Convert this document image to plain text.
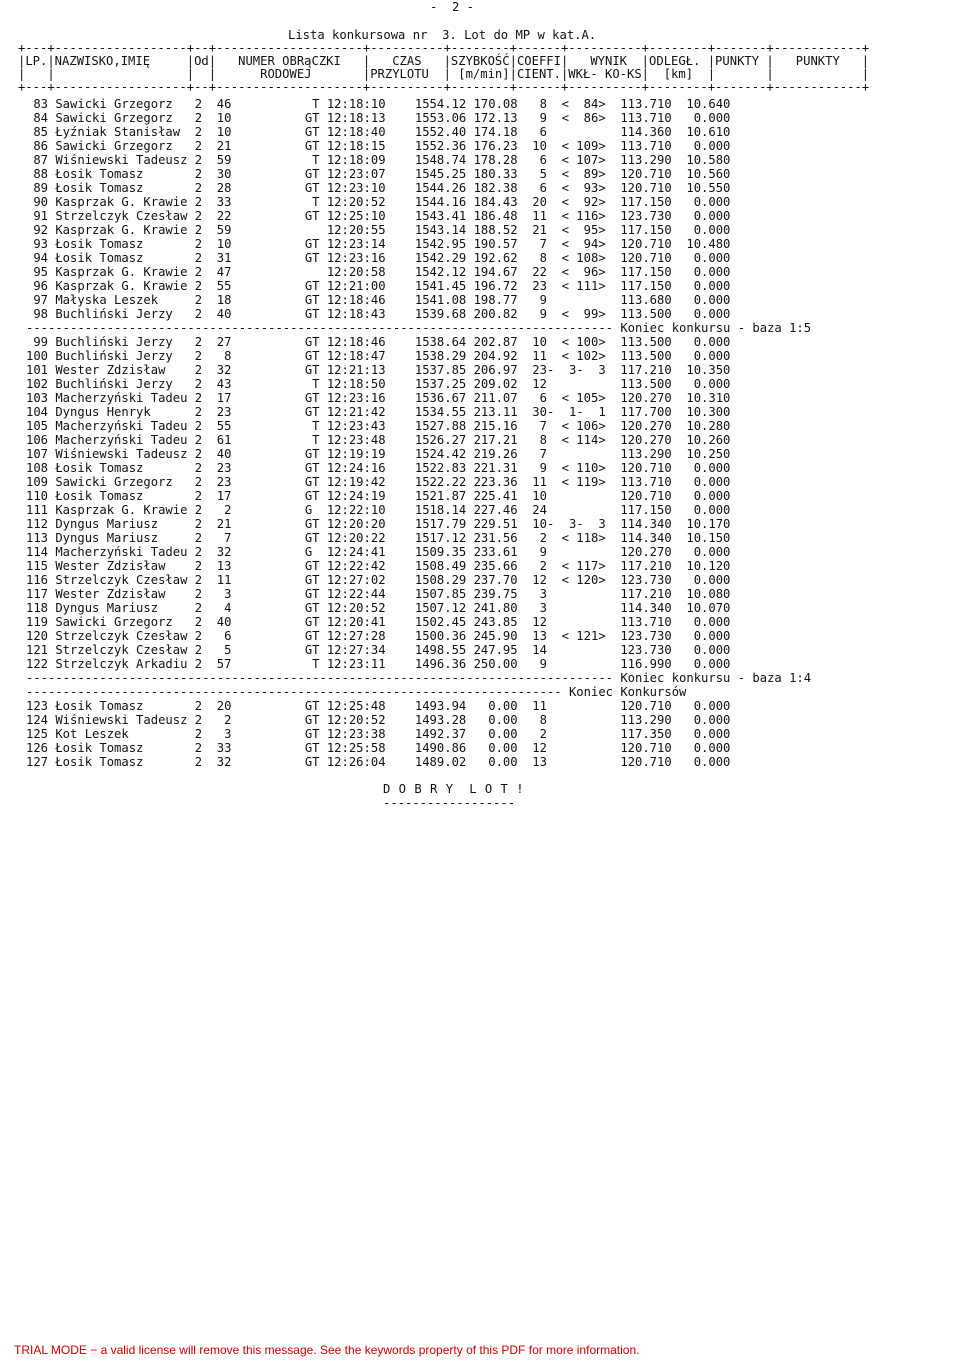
-  2 -
Lista konkursowa nr  3. Lot do MP w kat.A.
+---+------------------+--+--------------------+----------+--------+------+----------+--------+-------+------------+
|LP.|NAZWISKO,IMIĘ     |Od|   NUMER OBRąCZKI   |   CZAS   |SZYBKOŚĆ|COEFFI|   WYNIK  |ODLEGŁ. |PUNKTY |   PUNKTY   |
|   |                  |  |      RODOWEJ       |PRZYLOTU  | [m/min]|CIENT.|WKŁ- KO-KS|  [km]  |       |            |
+---+------------------+--+--------------------+----------+--------+------+----------+--------+-------+------------+
83 Sawicki Grzegorz   2  46           T 12:18:10    1554.12 170.08   8  <  84>  113.710  10.640
84 Sawicki Grzegorz   2  10          GT 12:18:13    1553.06 172.13   9  <  86>  113.710   0.000
85 Łyźniak Stanisław  2  10          GT 12:18:40    1552.40 174.18   6          114.360  10.610
86 Sawicki Grzegorz   2  21          GT 12:18:15    1552.36 176.23  10  < 109>  113.710   0.000
87 Wiśniewski Tadeusz 2  59           T 12:18:09    1548.74 178.28   6  < 107>  113.290  10.580
88 Łosik Tomasz       2  30          GT 12:23:07    1545.25 180.33   5  <  89>  120.710  10.560
89 Łosik Tomasz       2  28          GT 12:23:10    1544.26 182.38   6  <  93>  120.710  10.550
90 Kasprzak G. Krawie 2  33           T 12:20:52    1544.16 184.43  20  <  92>  117.150   0.000
91 Strzelczyk Czesław 2  22          GT 12:25:10    1543.41 186.48  11  < 116>  123.730   0.000
92 Kasprzak G. Krawie 2  59             12:20:55    1543.14 188.52  21  <  95>  117.150   0.000
93 Łosik Tomasz       2  10          GT 12:23:14    1542.95 190.57   7  <  94>  120.710  10.480
94 Łosik Tomasz       2  31          GT 12:23:16    1542.29 192.62   8  < 108>  120.710   0.000
95 Kasprzak G. Krawie 2  47             12:20:58    1542.12 194.67  22  <  96>  117.150   0.000
96 Kasprzak G. Krawie 2  55          GT 12:21:00    1541.45 196.72  23  < 111>  117.150   0.000
97 Małyska Leszek     2  18          GT 12:18:46    1541.08 198.77   9          113.680   0.000
98 Buchliński Jerzy   2  40          GT 12:18:43    1539.68 200.82   9  <  99>  113.500   0.000
-------------------------------------------------------------------------------- Koniec konkursu - baza 1:5
99 Buchliński Jerzy   2  27          GT 12:18:46    1538.64 202.87  10  < 100>  113.500   0.000
100 Buchliński Jerzy   2   8          GT 12:18:47    1538.29 204.92  11  < 102>  113.500   0.000
101 Wester Zdzisław    2  32          GT 12:21:13    1537.85 206.97  23-  3-  3  117.210  10.350
102 Buchliński Jerzy   2  43           T 12:18:50    1537.25 209.02  12          113.500   0.000
103 Macherzyński Tadeu 2  17          GT 12:23:16    1536.67 211.07   6  < 105>  120.270  10.310
104 Dyngus Henryk      2  23          GT 12:21:42    1534.55 213.11  30-  1-  1  117.700  10.300
105 Macherzyński Tadeu 2  55           T 12:23:43    1527.88 215.16   7  < 106>  120.270  10.280
106 Macherzyński Tadeu 2  61           T 12:23:48    1526.27 217.21   8  < 114>  120.270  10.260
107 Wiśniewski Tadeusz 2  40          GT 12:19:19    1524.42 219.26   7          113.290  10.250
108 Łosik Tomasz       2  23          GT 12:24:16    1522.83 221.31   9  < 110>  120.710   0.000
109 Sawicki Grzegorz   2  23          GT 12:19:42    1522.22 223.36  11  < 119>  113.710   0.000
110 Łosik Tomasz       2  17          GT 12:24:19    1521.87 225.41  10          120.710   0.000
111 Kasprzak G. Krawie 2   2          G  12:22:10    1518.14 227.46  24          117.150   0.000
112 Dyngus Mariusz     2  21          GT 12:20:20    1517.79 229.51  10-  3-  3  114.340  10.170
113 Dyngus Mariusz     2   7          GT 12:20:22    1517.12 231.56   2  < 118>  114.340  10.150
114 Macherzyński Tadeu 2  32          G  12:24:41    1509.35 233.61   9          120.270   0.000
115 Wester Zdzisław    2  13          GT 12:22:42    1508.49 235.66   2  < 117>  117.210  10.120
116 Strzelczyk Czesław 2  11          GT 12:27:02    1508.29 237.70  12  < 120>  123.730   0.000
117 Wester Zdzisław    2   3          GT 12:22:44    1507.85 239.75   3          117.210  10.080
118 Dyngus Mariusz     2   4          GT 12:20:52    1507.12 241.80   3          114.340  10.070
119 Sawicki Grzegorz   2  40          GT 12:20:41    1502.45 243.85  12          113.710   0.000
120 Strzelczyk Czesław 2   6          GT 12:27:28    1500.36 245.90  13  < 121>  123.730   0.000
121 Strzelczyk Czesław 2   5          GT 12:27:34    1498.55 247.95  14          123.730   0.000
122 Strzelczyk Arkadiu 2  57           T 12:23:11    1496.36 250.00   9          116.990   0.000
-------------------------------------------------------------------------------- Koniec konkursu - baza 1:4
------------------------------------------------------------------------- Koniec Konkursów
123 Łosik Tomasz       2  20          GT 12:25:48    1493.94   0.00  11          120.710   0.000
124 Wiśniewski Tadeusz 2   2          GT 12:20:52    1493.28   0.00   8          113.290   0.000
125 Kot Leszek         2   3          GT 12:23:38    1492.37   0.00   2          117.350   0.000
126 Łosik Tomasz       2  33          GT 12:25:58    1490.86   0.00  12          120.710   0.000
127 Łosik Tomasz       2  32          GT 12:26:04    1489.02   0.00  13          120.710   0.000
D O B R Y  L O T !
------------------
TRIAL MODE − a valid license will remove this message. See the keywords property of this PDF for more information.
